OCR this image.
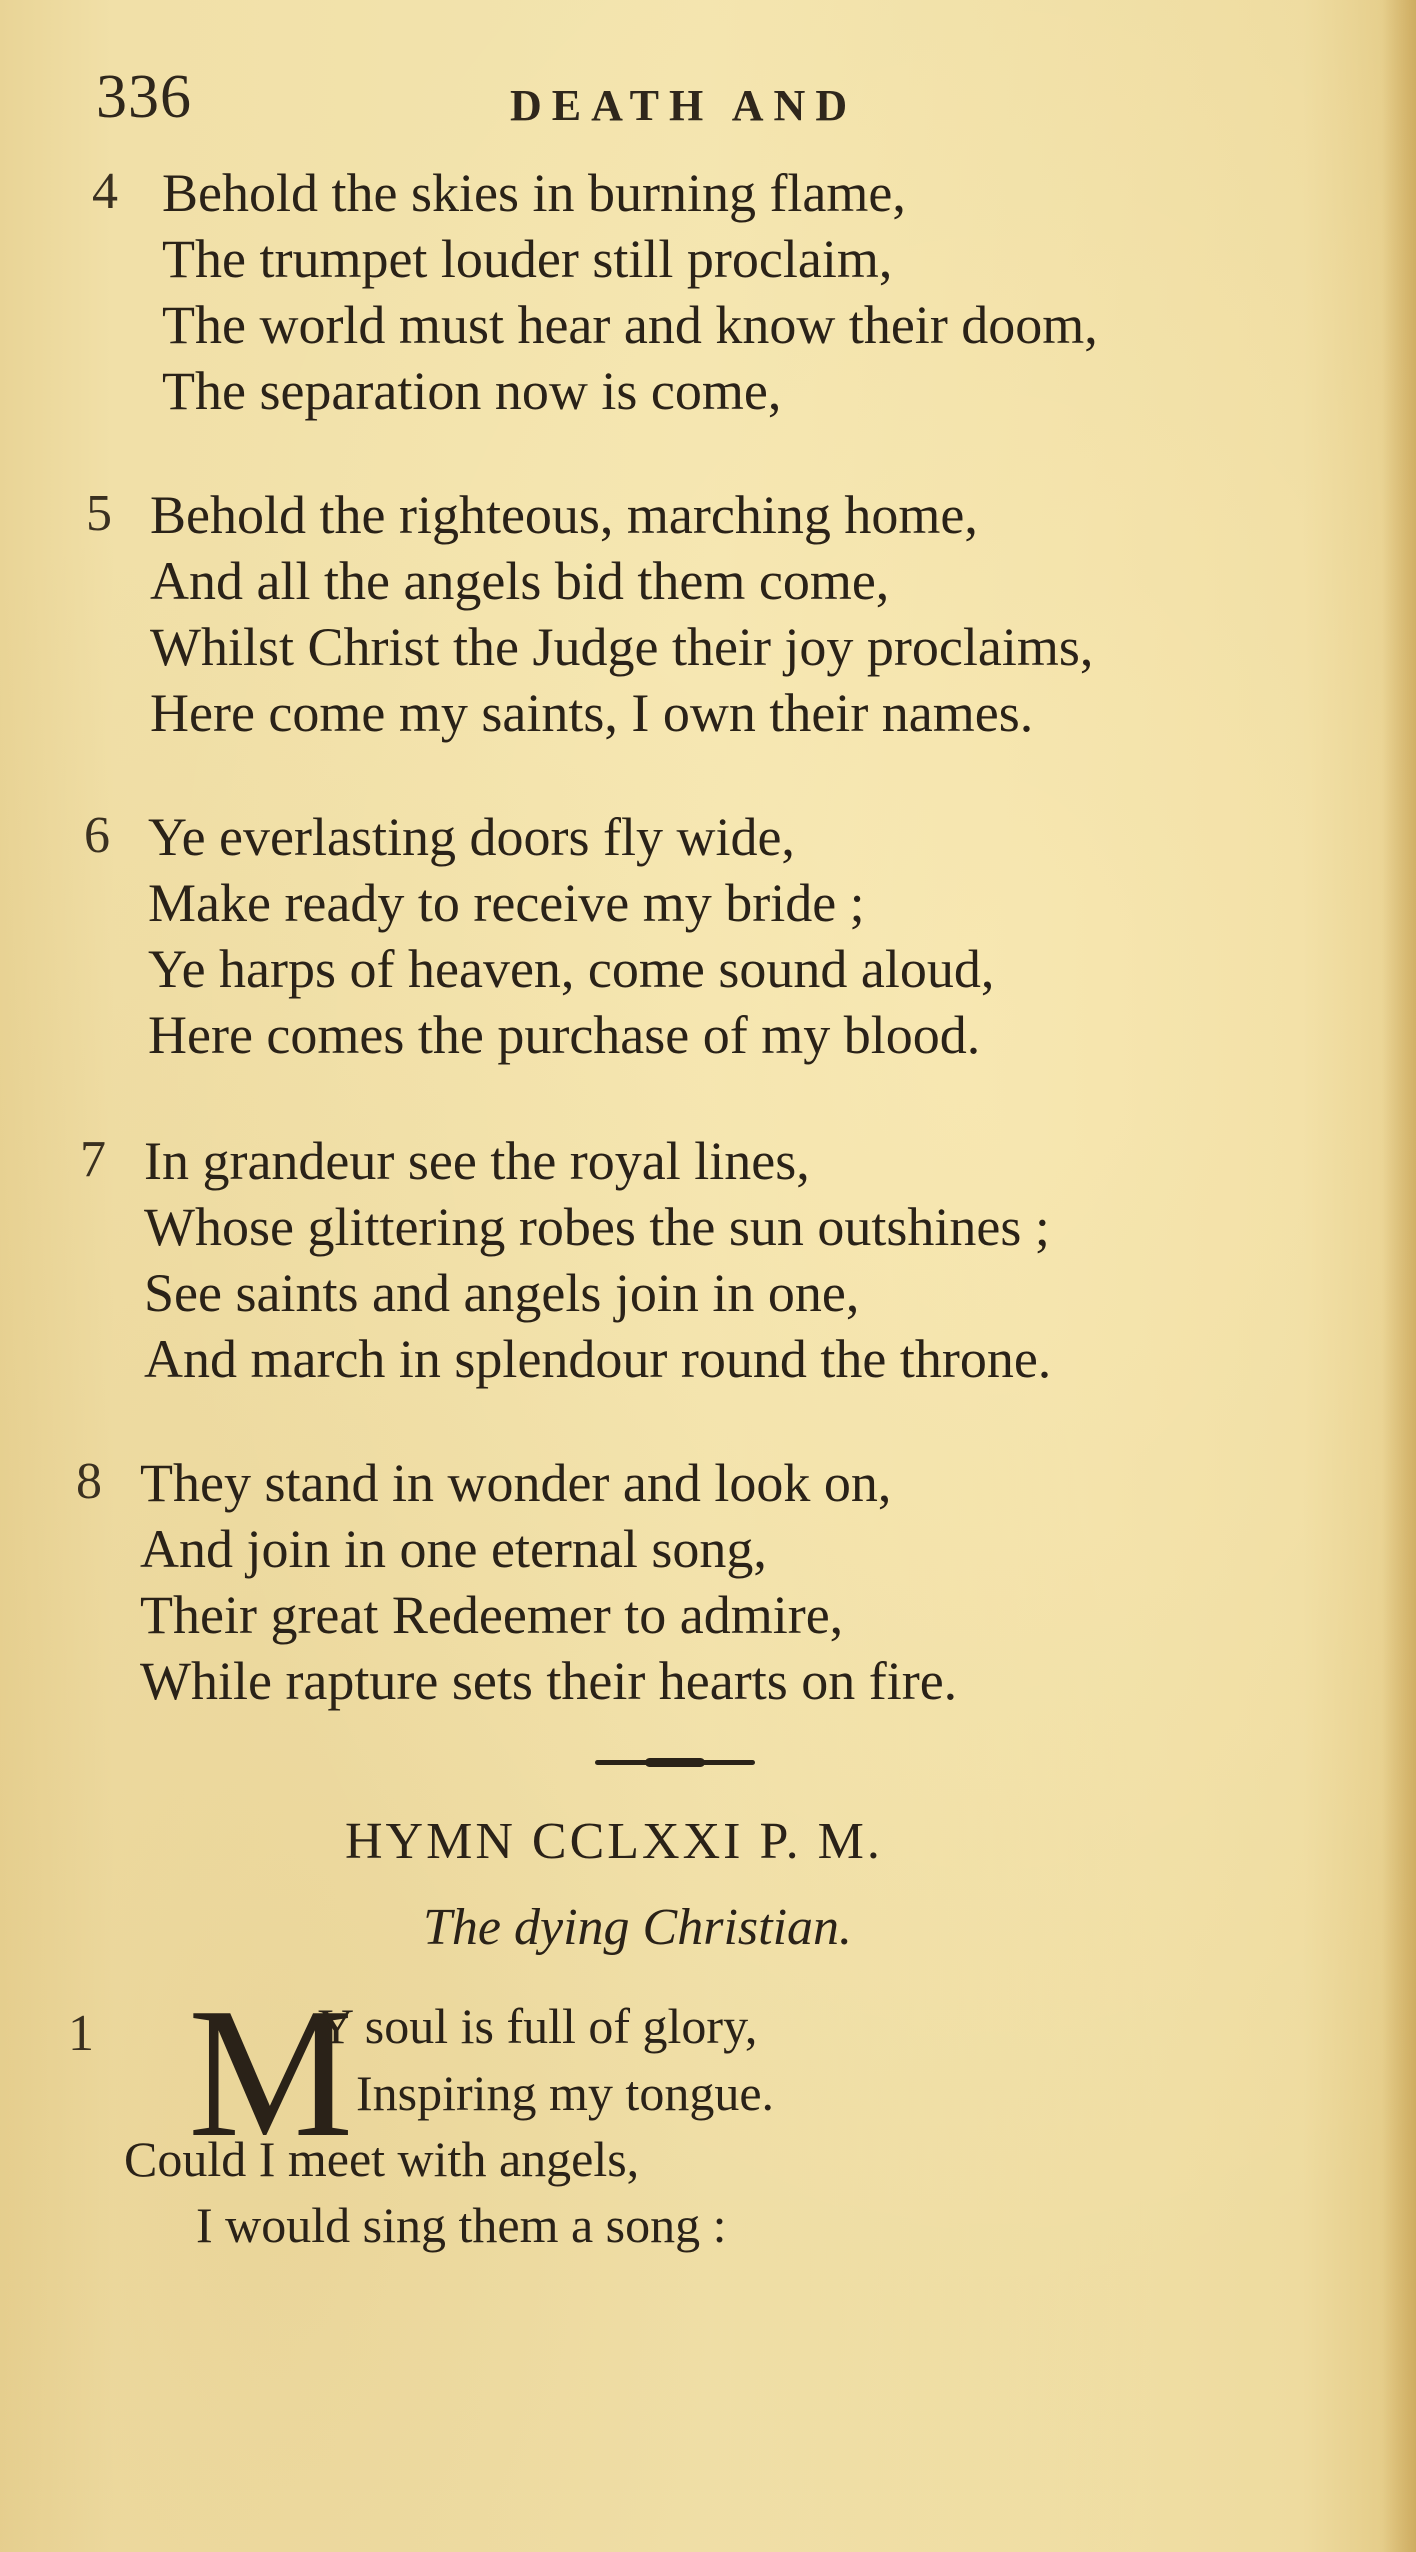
336	DEATH AND
4 Behold the skies in burning flame,
The trumpet louder still proclaim,
The world must hear and know their doom,
The separation now is come,
5 Behold the righteous, marching home,
And all the angels bid them come,
Whilst Christ the Judge their joy proclaims,
Here come my saints, I own their names.
6 Ye everlasting doors fly wide,
Make ready to receive my bride ;
Ye harps of heaven, come sound aloud,
Here comes the purchase of my blood.
7 In grandeur see the royal lines,
Whose glittering robes the sun outshines ;
See saints and angels join in one,
And march in splendour round the throne.
8 They stand in wonder and look on,
And join in one eternal song,
Their great Redeemer to admire,
While rapture sets their hearts on fire.
HYMN CCLXXI P. M.
The dying Christian.
1 M
Y soul is full of glory,
Inspiring my tongue.
Could I meet with angels,
I would sing them a song :
